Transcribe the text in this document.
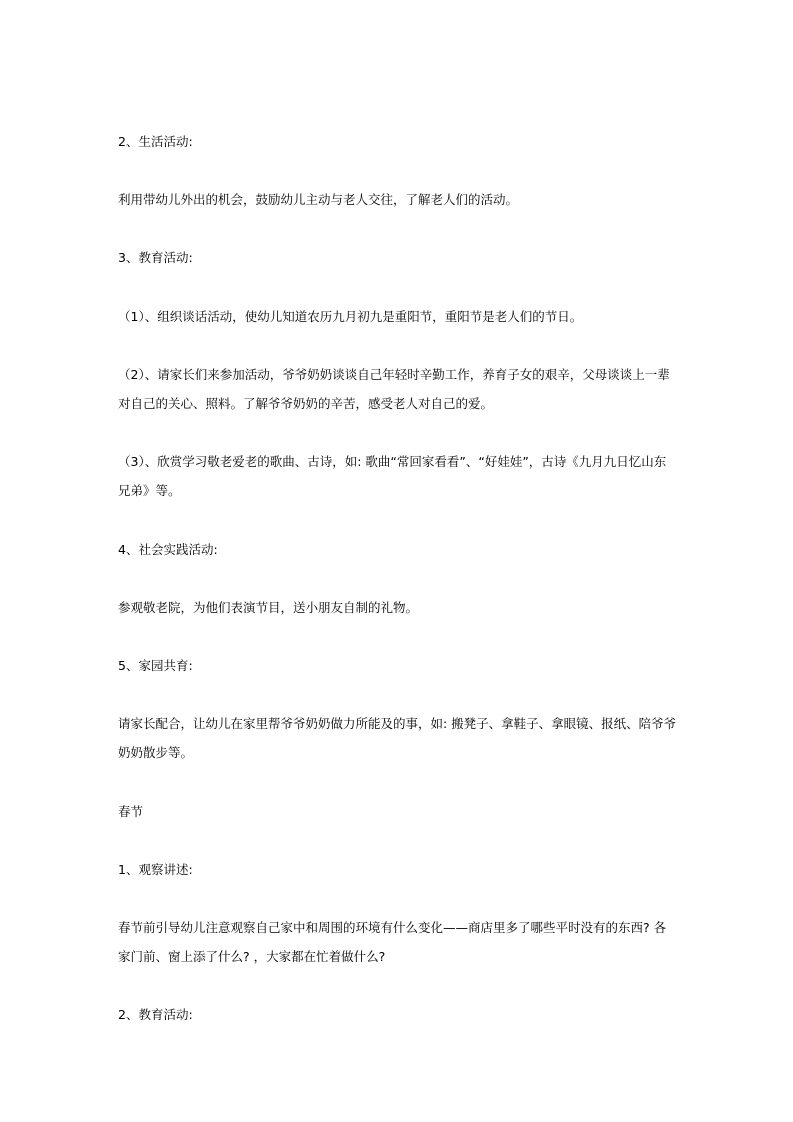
2、生活活动:

利用带幼儿外出的机会，鼓励幼儿主动与老人交往，了解老人们的活动。

3、教育活动:

（1）、组织谈话活动，使幼儿知道农历九月初九是重阳节，重阳节是老人们的节日。

（2）、请家长们来参加活动，爷爷奶奶谈谈自己年轻时辛勤工作，养育子女的艰辛，父母谈谈上一辈对自己的关心、照料。了解爷爷奶奶的辛苦，感受老人对自己的爱。

（3）、欣赏学习敬老爱老的歌曲、古诗，如: 歌曲“常回家看看”、“好娃娃”，古诗《九月九日忆山东兄弟》等。

4、社会实践活动:

参观敬老院，为他们表演节目，送小朋友自制的礼物。

5、家园共育:

请家长配合，让幼儿在家里帮爷爷奶奶做力所能及的事，如: 搬凳子、拿鞋子、拿眼镜、报纸、陪爷爷奶奶散步等。

春节

1、观察讲述:

春节前引导幼儿注意观察自己家中和周围的环境有什么变化——商店里多了哪些平时没有的东西? 各家门前、窗上添了什么? ，大家都在忙着做什么?

2、教育活动:
